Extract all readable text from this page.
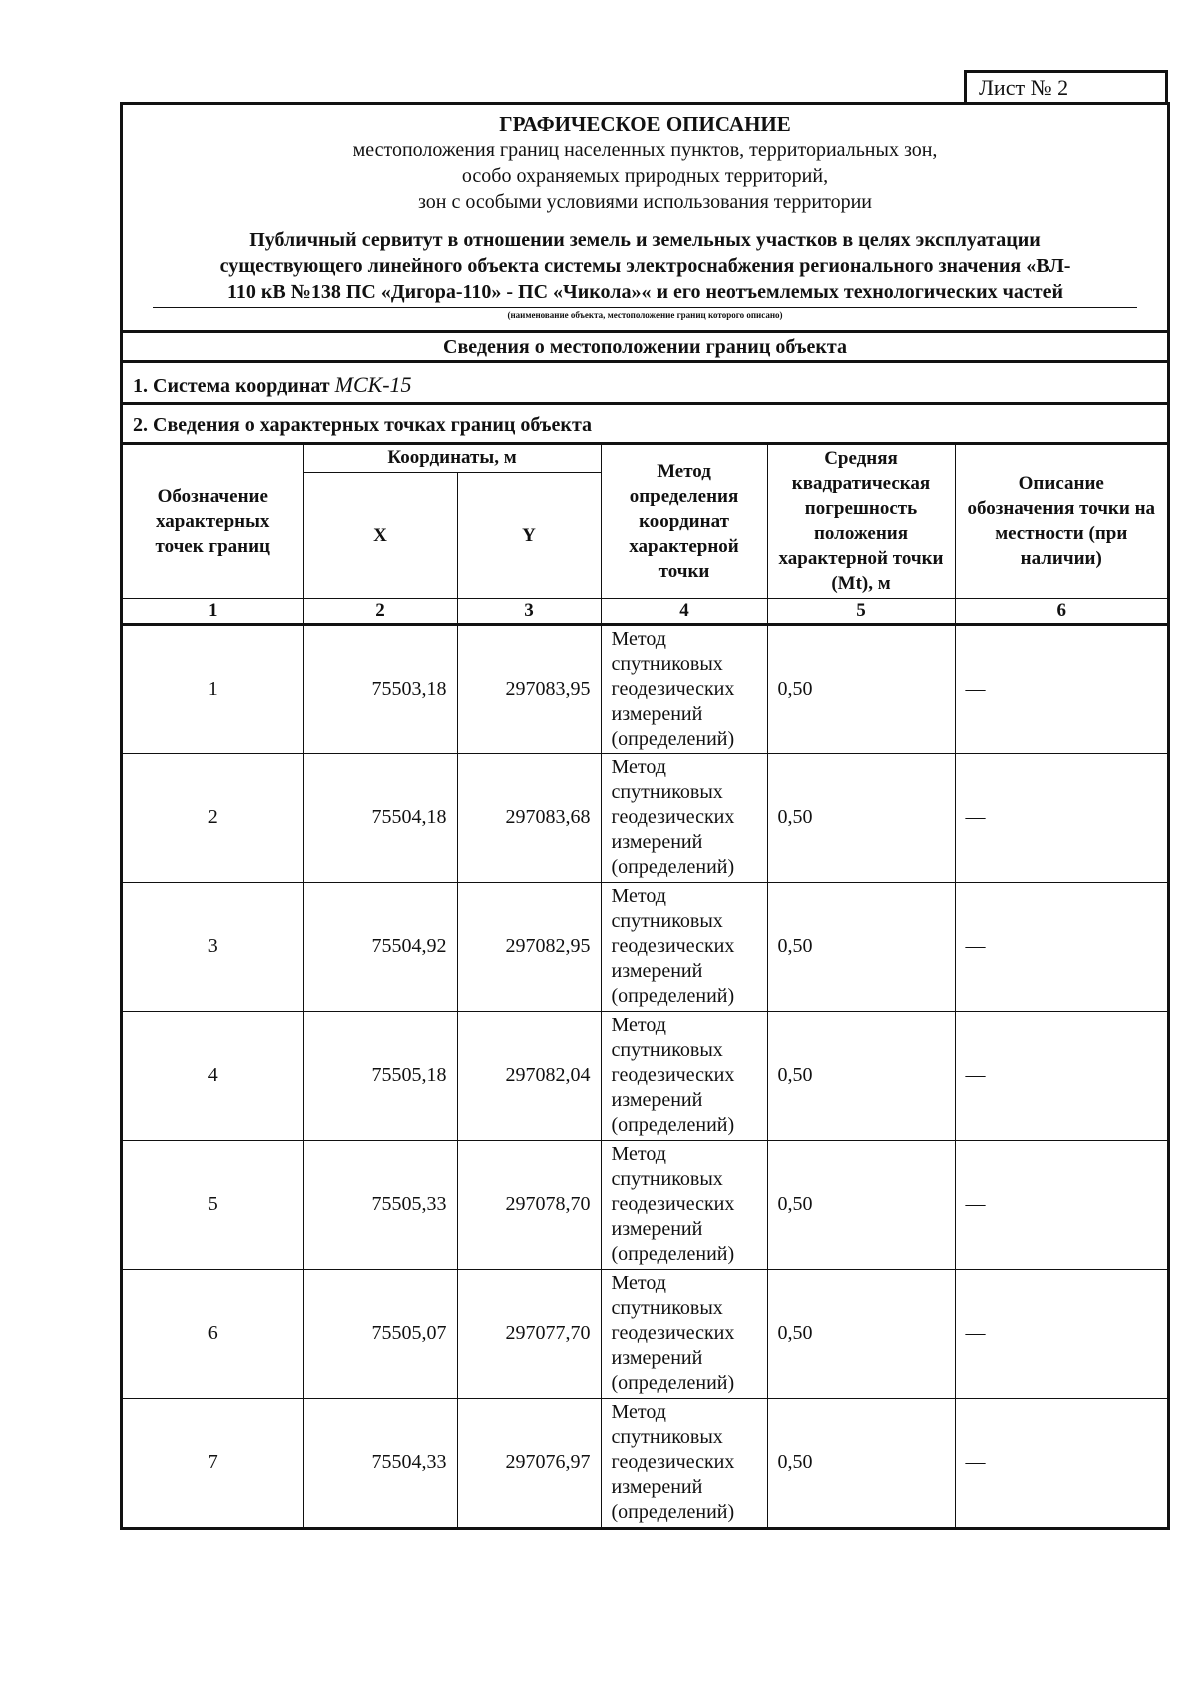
Лист № 2
ГРАФИЧЕСКОЕ ОПИСАНИЕ
местоположения границ населенных пунктов, территориальных зон,
особо охраняемых природных территорий,
зон с особыми условиями использования территории
Публичный сервитут в отношении земель и земельных участков в целях эксплуатации
существующего линейного объекта системы электроснабжения регионального значения «ВЛ-
110 кВ №138 ПС «Дигора-110» - ПС «Чикола»« и его неотъемлемых технологических частей
(наименование объекта, местоположение границ которого описано)
Сведения о местоположении границ объекта
1. Система координат МСК-15
2. Сведения о характерных точках границ объекта
Обозначение характерных точек границ	Координаты, м		Метод определения координат характерной точки	Средняя квадратическая погрешность положения характерной точки (Mt), м	Описание обозначения точки на местности (при наличии)
	X	Y			
1	2	3	4	5	6
1	75503,18	297083,95	Метод спутниковых геодезических измерений (определений)	0,50	—
2	75504,18	297083,68	Метод спутниковых геодезических измерений (определений)	0,50	—
3	75504,92	297082,95	Метод спутниковых геодезических измерений (определений)	0,50	—
4	75505,18	297082,04	Метод спутниковых геодезических измерений (определений)	0,50	—
5	75505,33	297078,70	Метод спутниковых геодезических измерений (определений)	0,50	—
6	75505,07	297077,70	Метод спутниковых геодезических измерений (определений)	0,50	—
7	75504,33	297076,97	Метод спутниковых геодезических измерений (определений)	0,50	—
